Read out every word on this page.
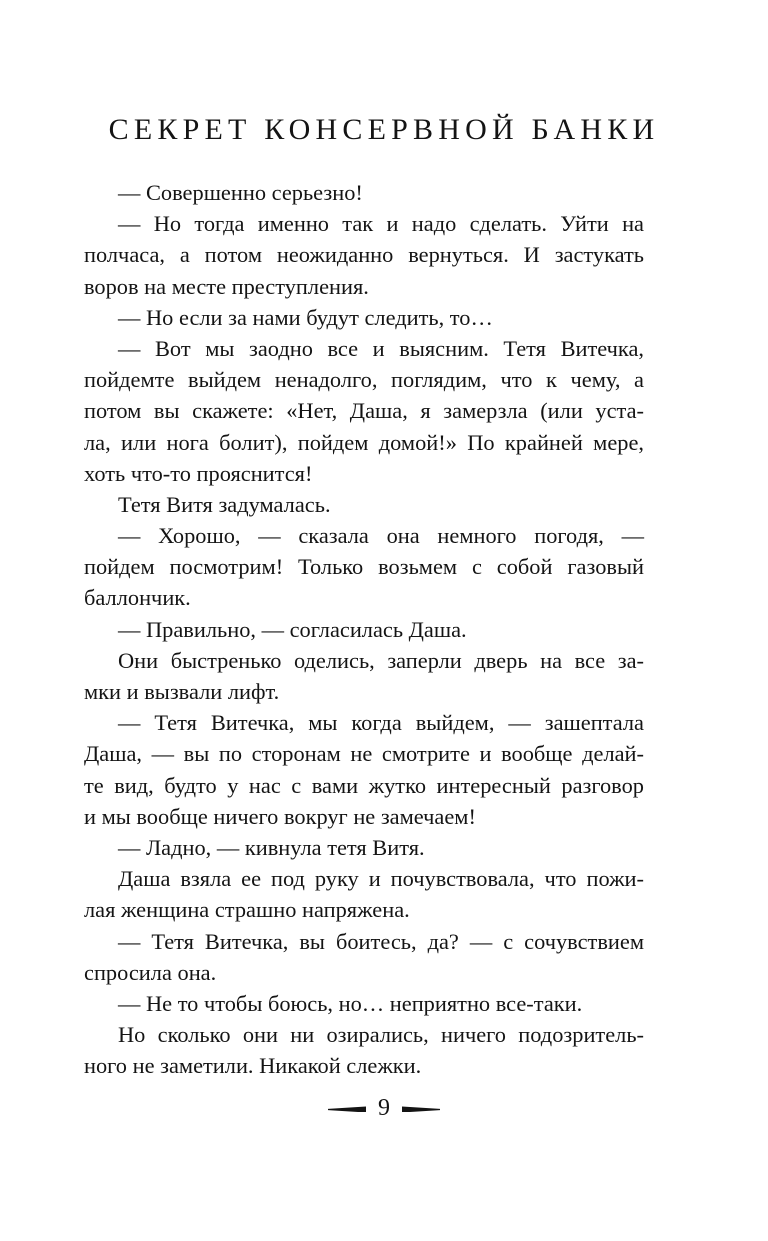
СЕКРЕТ КОНСЕРВНОЙ БАНКИ
— Совершенно серьезно!
— Но тогда именно так и надо сделать. Уйти на
полчаса, а потом неожиданно вернуться. И застукать
воров на месте преступления.
— Но если за нами будут следить, то…
— Вот мы заодно все и выясним. Тетя Витечка,
пойдемте выйдем ненадолго, поглядим, что к чему, а
потом вы скажете: «Нет, Даша, я замерзла (или уста-
ла, или нога болит), пойдем домой!» По крайней мере,
хоть что-то прояснится!
Тетя Витя задумалась.
— Хорошо, — сказала она немного погодя, —
пойдем посмотрим! Только возьмем с собой газовый
баллончик.
— Правильно, — согласилась Даша.
Они быстренько оделись, заперли дверь на все за-
мки и вызвали лифт.
— Тетя Витечка, мы когда выйдем, — зашептала
Даша, — вы по сторонам не смотрите и вообще делай-
те вид, будто у нас с вами жутко интересный разговор
и мы вообще ничего вокруг не замечаем!
— Ладно, — кивнула тетя Витя.
Даша взяла ее под руку и почувствовала, что пожи-
лая женщина страшно напряжена.
— Тетя Витечка, вы боитесь, да? — с сочувствием
спросила она.
— Не то чтобы боюсь, но… неприятно все-таки.
Но сколько они ни озирались, ничего подозритель-
ного не заметили. Никакой слежки.
9
